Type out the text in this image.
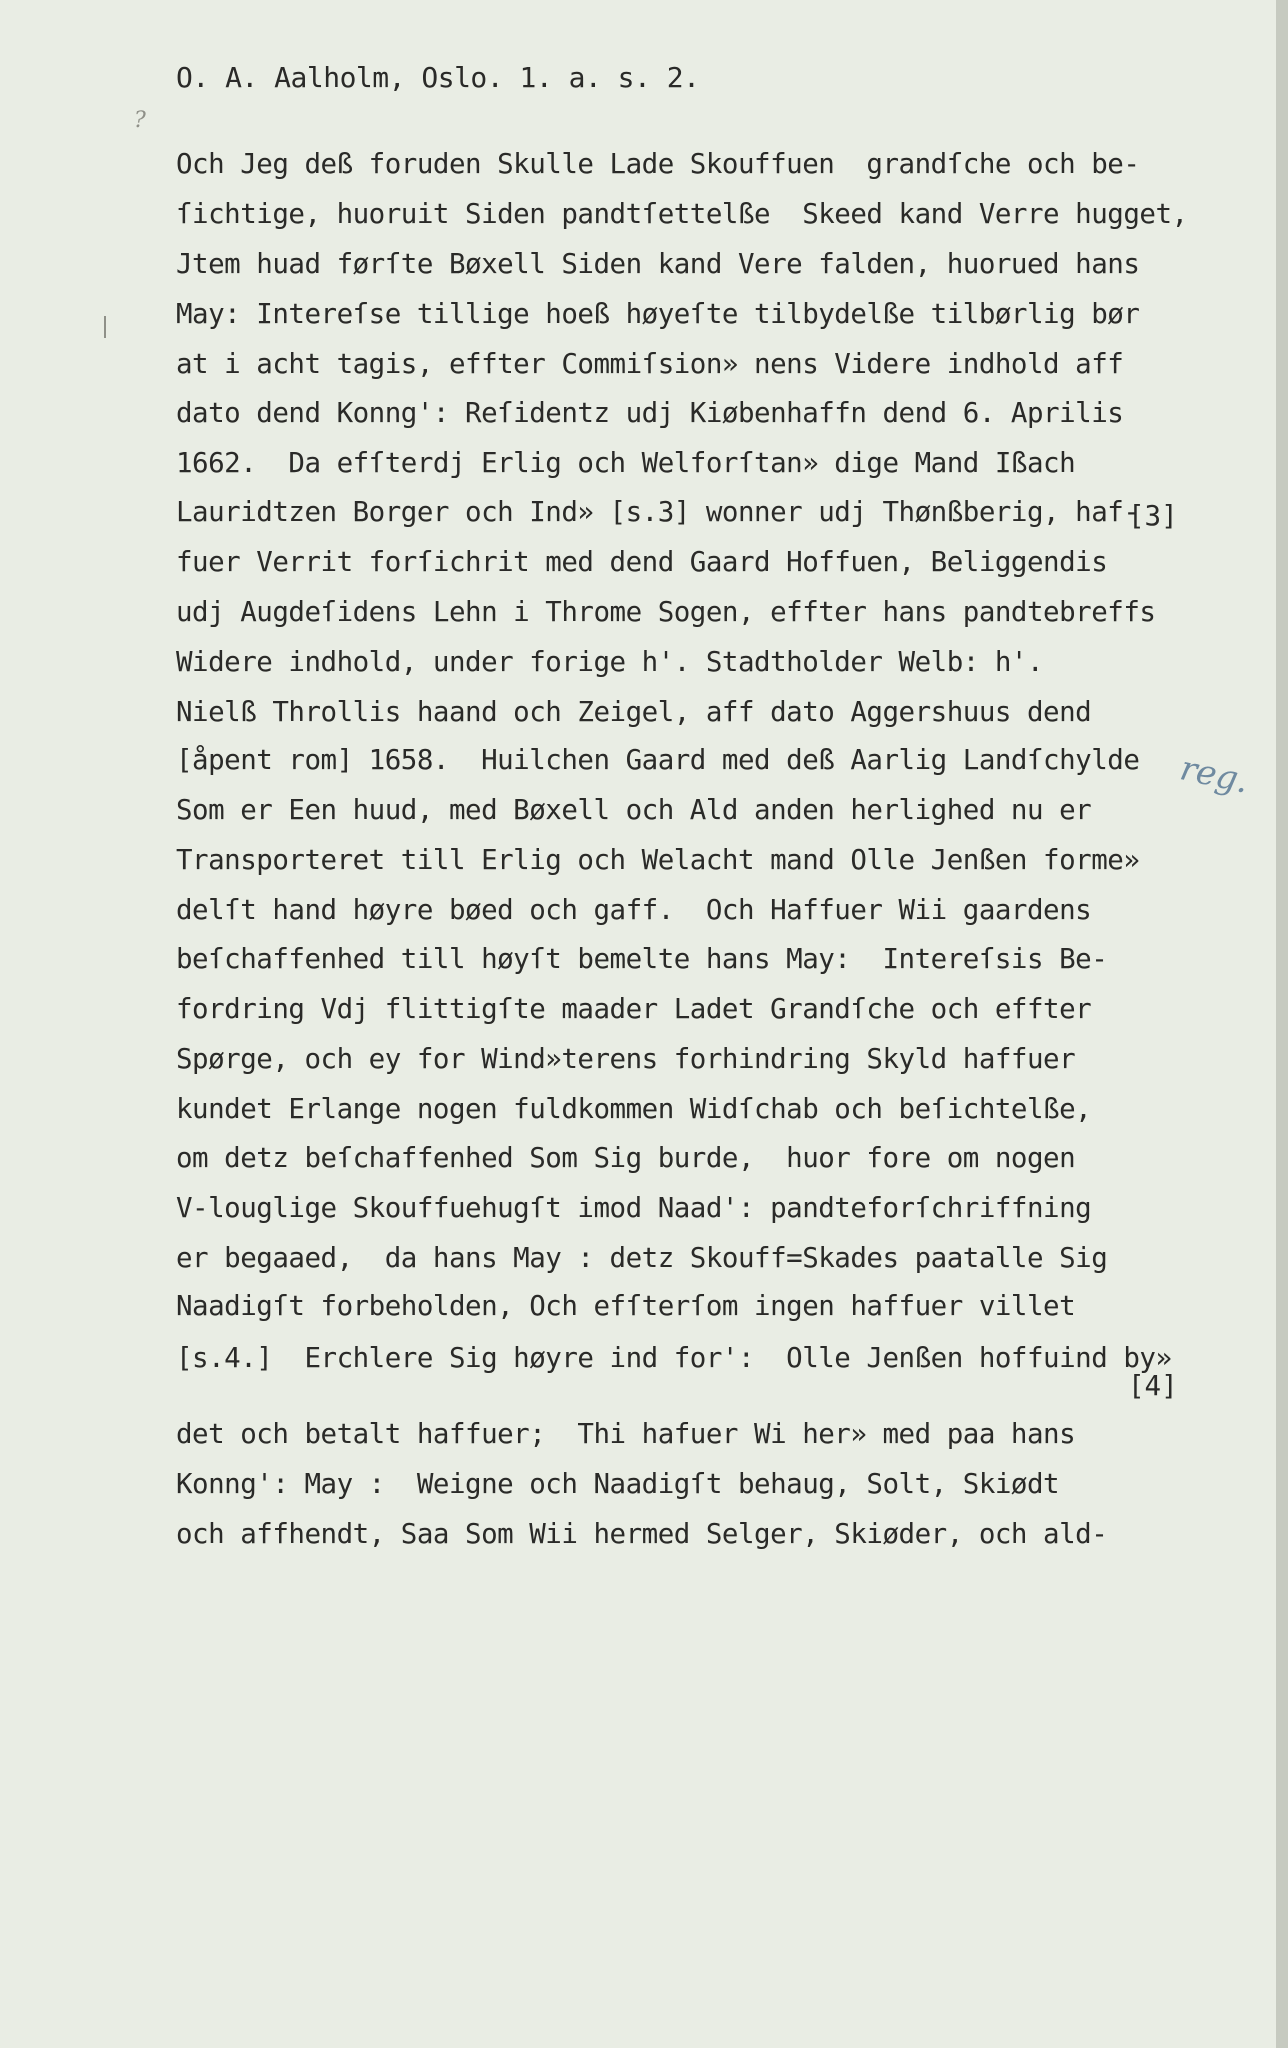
O. A. Aalholm, Oslo. 1. a. s. 2.
?
Och Jeg deß foruden Skulle Lade Skouffuen  grandſche och be-
ſichtige, huoruit Siden pandtſettelße  Skeed kand Verre hugget,
Jtem huad førſte Bøxell Siden kand Vere falden, huorued hans
May: Intereſse tillige hoeß høyeſte tilbydelße tilbørlig bør
at i acht tagis, effter Commiſsion» nens Videre indhold aff
dato dend Konng': Reſidentz udj Kiøbenhaffn dend 6. Aprilis
1662.  Da efſterdj Erlig och Welforſtan» dige Mand Ißach
Lauridtzen Borger och Ind» [s.3] wonner udj Thønßberig, haf-
fuer Verrit forſichrit med dend Gaard Hoffuen, Beliggendis
udj Augdeſidens Lehn i Throme Sogen, effter hans pandtebreffs
Widere indhold, under forige h'. Stadtholder Welb: h'.
Nielß Throllis haand och Zeigel, aff dato Aggershuus dend
[åpent rom] 1658.  Huilchen Gaard med deß Aarlig Landſchylde
Som er Een huud, med Bøxell och Ald anden herlighed nu er
Transporteret till Erlig och Welacht mand Olle Jenßen forme»
delſt hand høyre bøed och gaff.  Och Haffuer Wii gaardens
beſchaffenhed till høyſt bemelte hans May:  Intereſsis Be-
fordring Vdj flittigſte maader Ladet Grandſche och effter
Spørge, och ey for Wind»terens forhindring Skyld haffuer
kundet Erlange nogen fuldkommen Widſchab och beſichtelße,
om detz beſchaffenhed Som Sig burde,  huor fore om nogen
V-louglige Skouffuehugſt imod Naad': pandteforſchriffning
er begaaed,  da hans May : detz Skouff=Skades paatalle Sig
Naadigſt forbeholden, Och efſterſom ingen haffuer villet
[s.4.]  Erchlere Sig høyre ind for':  Olle Jenßen hoffuind by»
det och betalt haffuer;  Thi hafuer Wi her» med paa hans
Konng': May :  Weigne och Naadigſt behaug, Solt, Skiødt
och affhendt, Saa Som Wii hermed Selger, Skiøder, och ald-
[3]
[4]
reg.
